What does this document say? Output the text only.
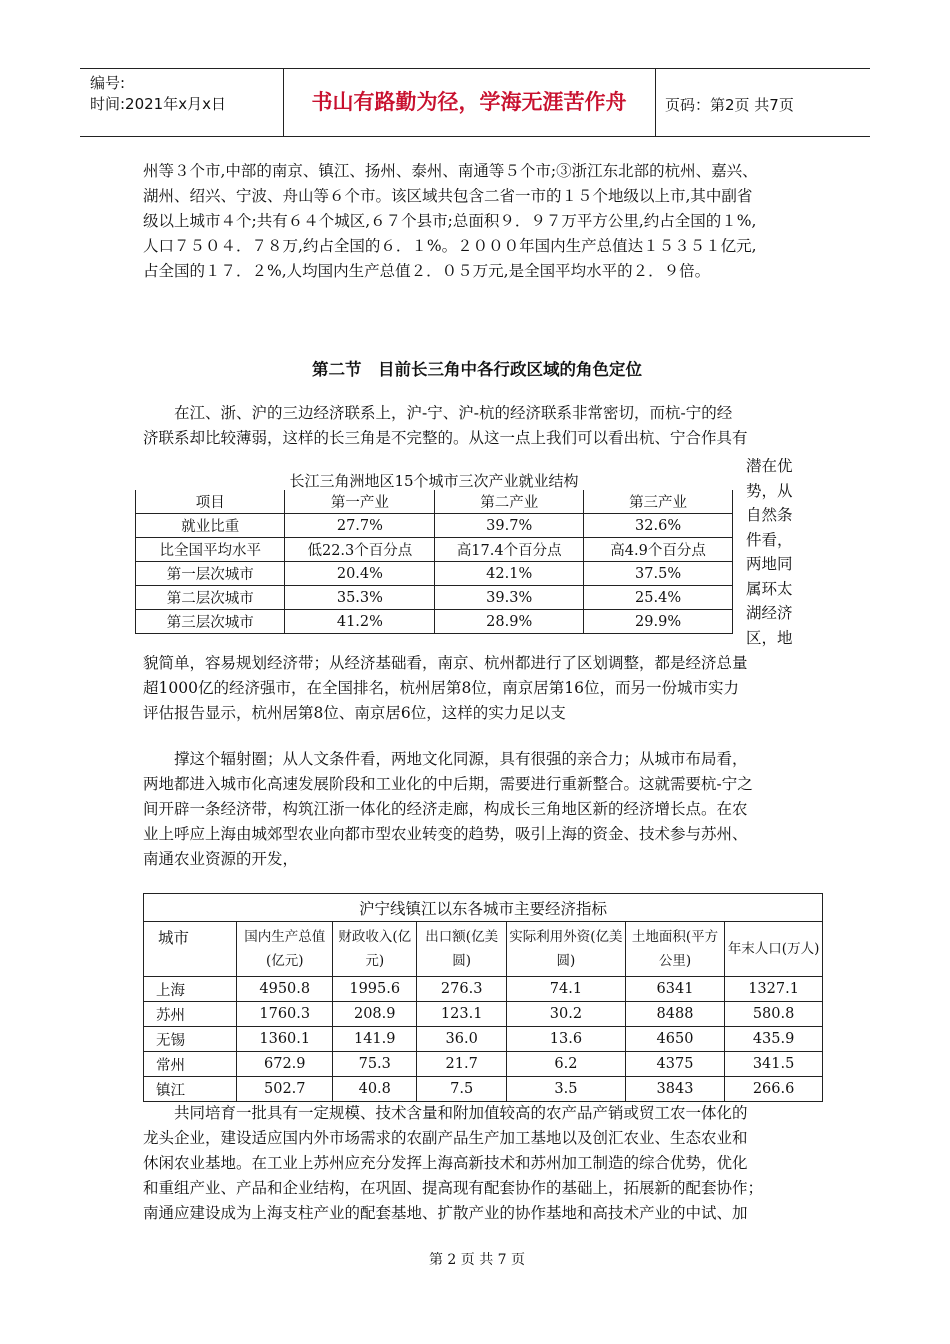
编号:
时间:2021年x月x日	书山有路勤为径，学海无涯苦作舟	页码：第2页 共7页
州等３个市,中部的南京、镇江、扬州、泰州、南通等５个市;③浙江东北部的杭州、嘉兴、
湖州、绍兴、宁波、舟山等６个市。该区域共包含二省一市的１５个地级以上市,其中副省
级以上城市４个;共有６４个城区,６７个县市;总面积９．９７万平方公里,约占全国的１%,
人口７５０４．７８万,约占全国的６．１%。２０００年国内生产总值达１５３５１亿元,
占全国的１７．２%,人均国内生产总值２．０５万元,是全国平均水平的２．９倍。
第二节　目前长三角中各行政区域的角色定位
　　在江、浙、沪的三边经济联系上，沪-宁、沪-杭的经济联系非常密切，而杭-宁的经
济联系却比较薄弱，这样的长三角是不完整的。从这一点上我们可以看出杭、宁合作具有
潜在优
势，从
自然条
件看，
两地同
属环太
湖经济
区，地
长江三角洲地区15个城市三次产业就业结构
项目	第一产业	第二产业	第三产业
就业比重	27.7%	39.7%	32.6%
比全国平均水平	低22.3个百分点	高17.4个百分点	高4.9个百分点
第一层次城市	20.4%	42.1%	37.5%
第二层次城市	35.3%	39.3%	25.4%
第三层次城市	41.2%	28.9%	29.9%
貌简单，容易规划经济带；从经济基础看，南京、杭州都进行了区划调整，都是经济总量
超1000亿的经济强市，在全国排名，杭州居第8位，南京居第16位，而另一份城市实力
评估报告显示，杭州居第8位、南京居6位，这样的实力足以支
　　撑这个辐射圈；从人文条件看，两地文化同源，具有很强的亲合力；从城市布局看，
两地都进入城市化高速发展阶段和工业化的中后期，需要进行重新整合。这就需要杭-宁之
间开辟一条经济带，构筑江浙一体化的经济走廊，构成长三角地区新的经济增长点。在农
业上呼应上海由城郊型农业向都市型农业转变的趋势，吸引上海的资金、技术参与苏州、
南通农业资源的开发，
沪宁线镇江以东各城市主要经济指标						
城市	国内生产总值(亿元)	财政收入(亿元)	出口额(亿美圆)	实际利用外资(亿美圆)	土地面积(平方公里)	年末人口(万人)
上海	4950.8	1995.6	276.3	74.1	6341	1327.1
苏州	1760.3	208.9	123.1	30.2	8488	580.8
无锡	1360.1	141.9	36.0	13.6	4650	435.9
常州	672.9	75.3	21.7	6.2	4375	341.5
镇江	502.7	40.8	7.5	3.5	3843	266.6
　　共同培育一批具有一定规模、技术含量和附加值较高的农产品产销或贸工农一体化的
龙头企业，建设适应国内外市场需求的农副产品生产加工基地以及创汇农业、生态农业和
休闲农业基地。在工业上苏州应充分发挥上海高新技术和苏州加工制造的综合优势，优化
和重组产业、产品和企业结构，在巩固、提高现有配套协作的基础上，拓展新的配套协作；
南通应建设成为上海支柱产业的配套基地、扩散产业的协作基地和高技术产业的中试、加
第 2 页 共 7 页
